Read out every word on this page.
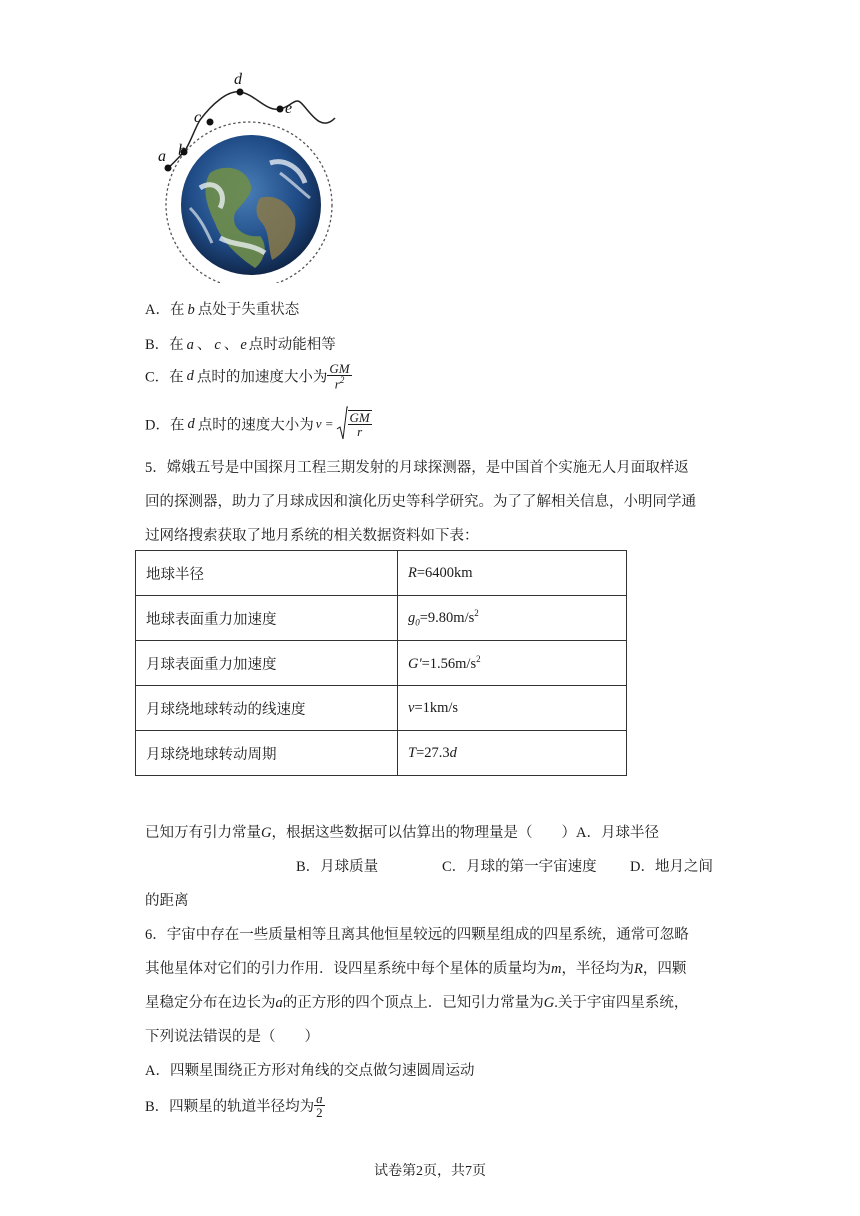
a b
c
d
e
A．在 b 点处于失重状态
B．在 a 、 c 、 e 点时动能相等
C．在 d 点时的加速度大小为 $\frac{GM}{r^2}$
D．在 d 点时的速度大小为 $v = \frac{GM}{r}$
5．嫦娥五号是中国探月工程三期发射的月球探测器，是中国首个实施无人月面取样返
回的探测器，助力了月球成因和演化历史等科学研究。为了了解相关信息，小明同学通
过网络搜索获取了地月系统的相关数据资料如下表：
地球半径	R=6400km
地球表面重力加速度	$g_0=9.80m/s^2$
月球表面重力加速度	$G'=1.56m/s^2$
月球绕地球转动的线速度	v=1km/s
月球绕地球转动周期	T=27.3d
已知万有引力常量G，根据这些数据可以估算出的物理量是（　　）A．月球半径
B．月球质量	C．月球的第一宇宙速度 D．地月之间
的距离
6．宇宙中存在一些质量相等且离其他恒星较远的四颗星组成的四星系统，通常可忽略
其他星体对它们的引力作用．设四星系统中每个星体的质量均为m，半径均为R，四颗
星稳定分布在边长为a的正方形的四个顶点上．已知引力常量为G.关于宇宙四星系统，
下列说法错误的是（　　）
A．四颗星围绕正方形对角线的交点做匀速圆周运动
B．四颗星的轨道半径均为 $\frac{a}{2}$
试卷第2页，共7页
